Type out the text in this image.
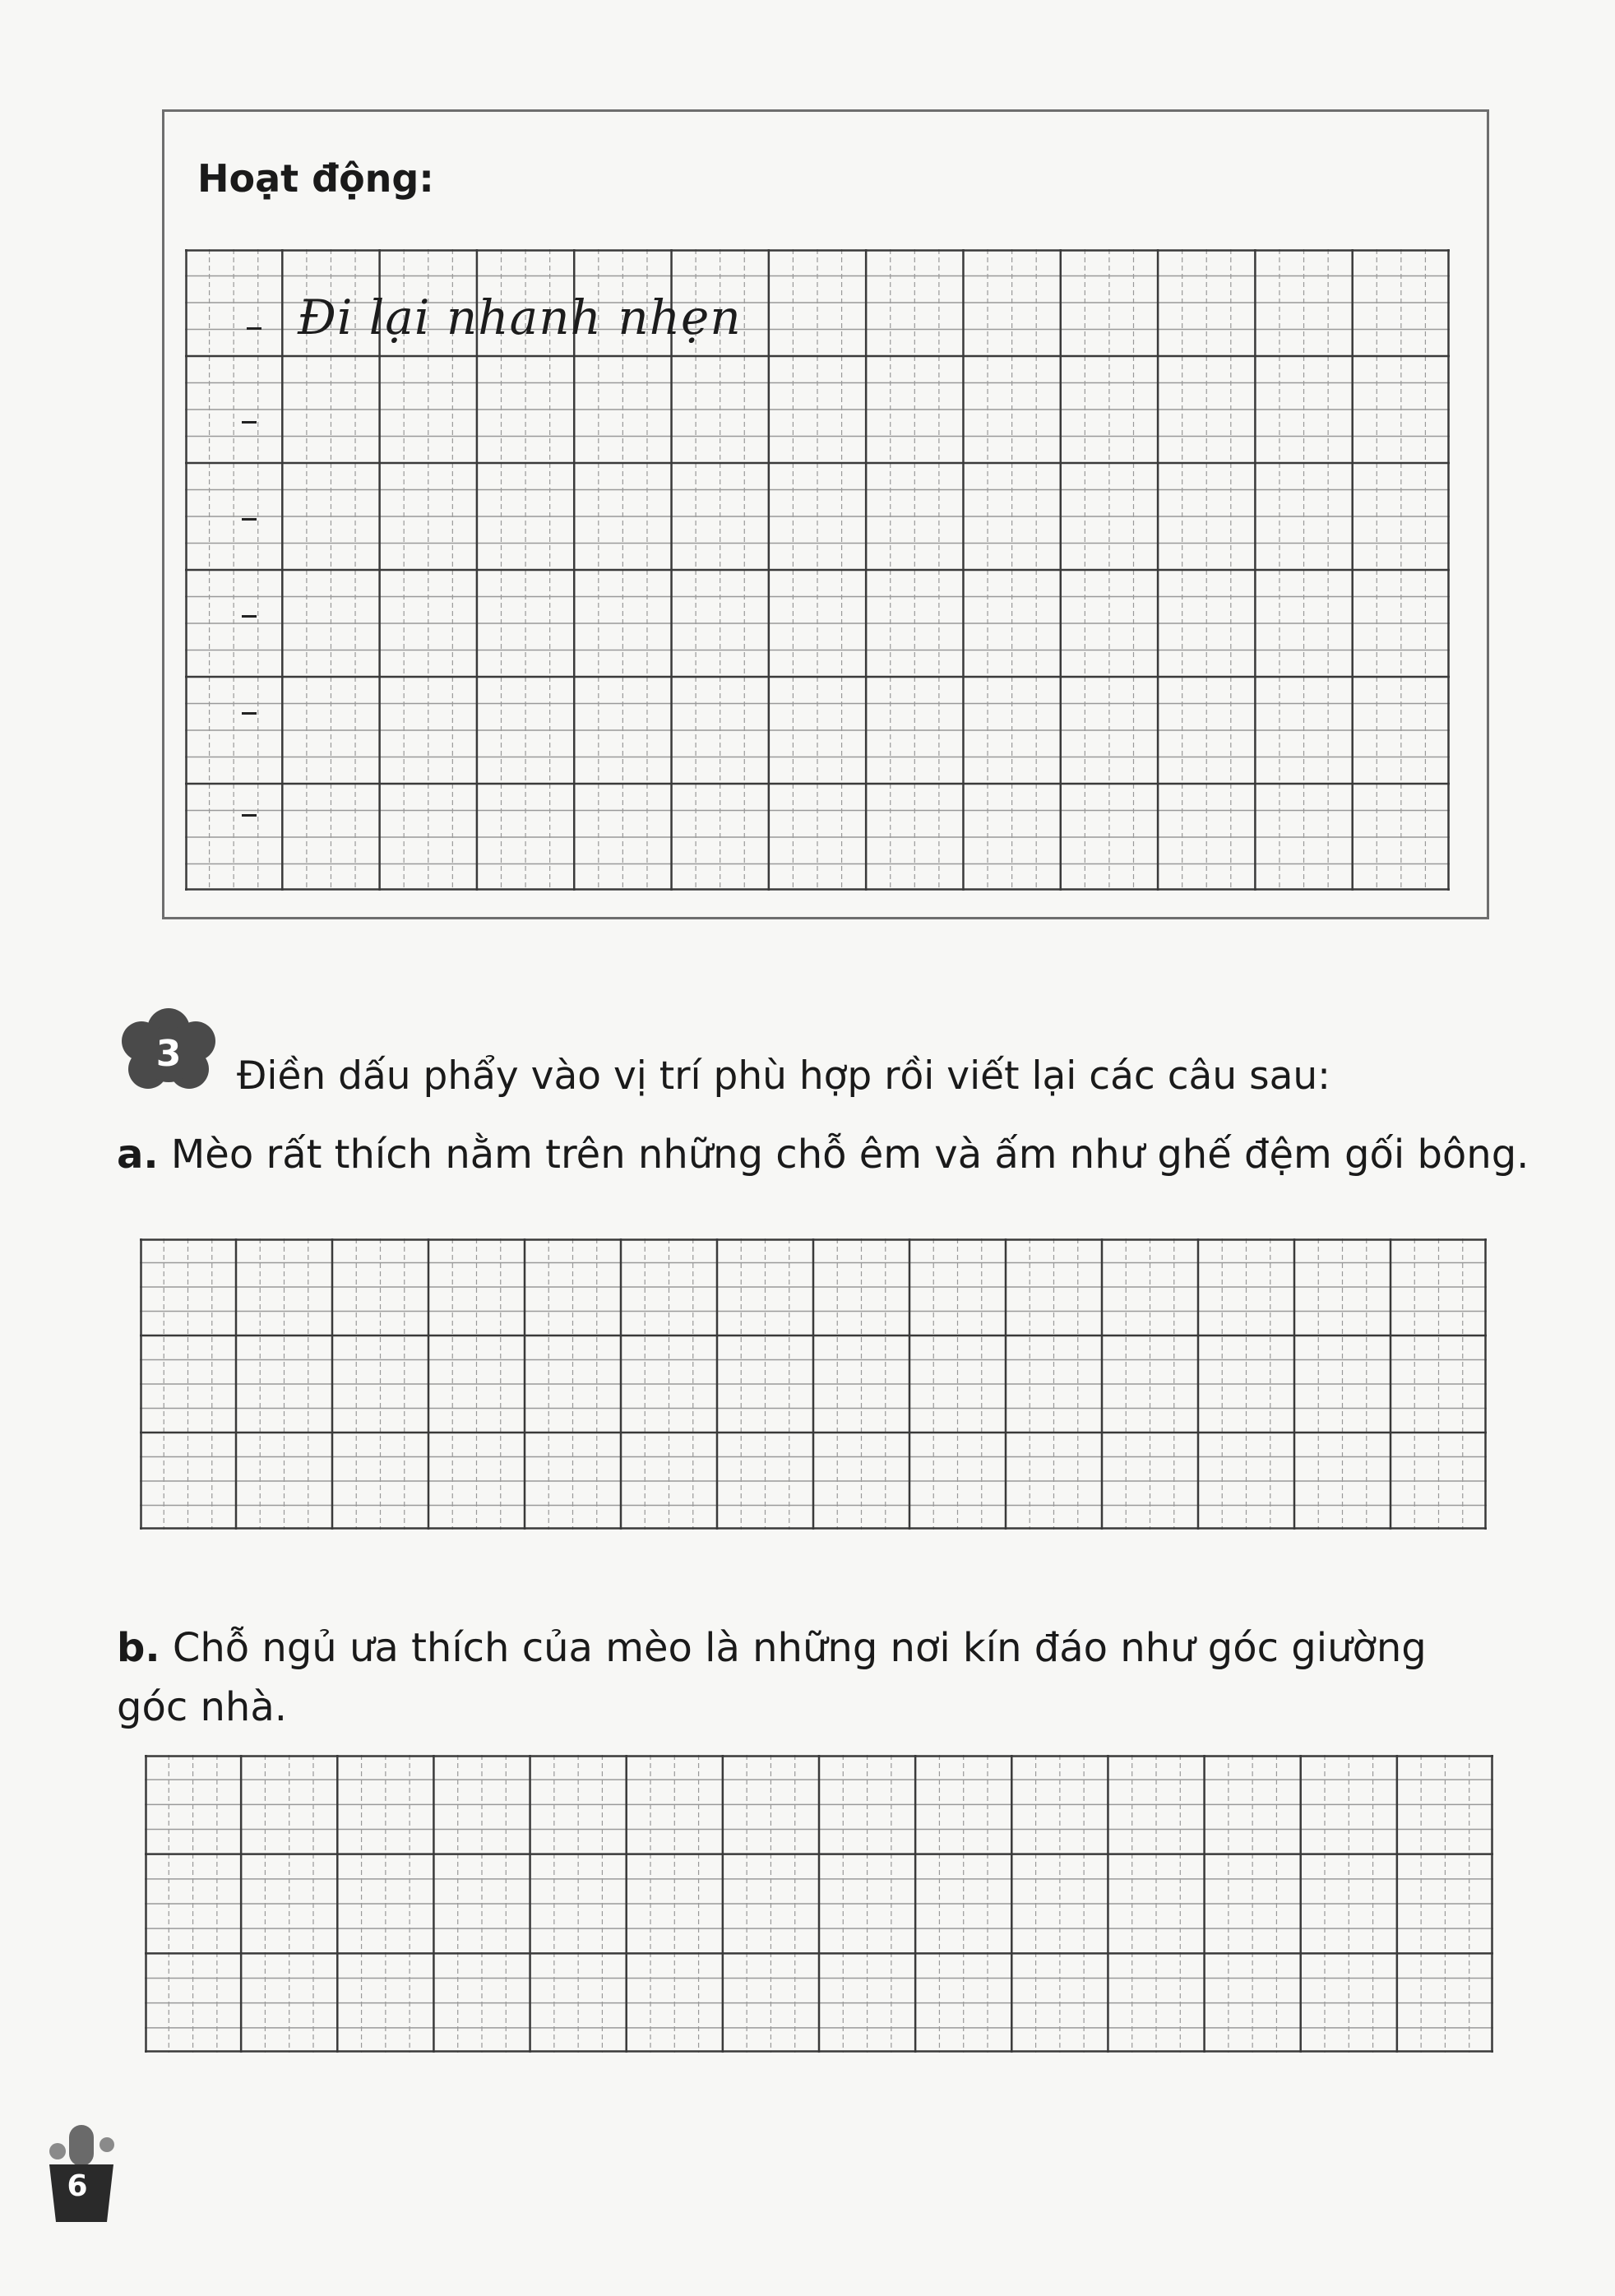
Hoạt động:
Đi lại nhanh nhẹn
3 Điền dấu phẩy vào vị trí phù hợp rồi viết lại các câu sau:

a. Mèo rất thích nằm trên những chỗ êm và ấm như ghế đệm gối bông.

b. Chỗ ngủ ưa thích của mèo là những nơi kín đáo như góc giường

góc nhà.

6
